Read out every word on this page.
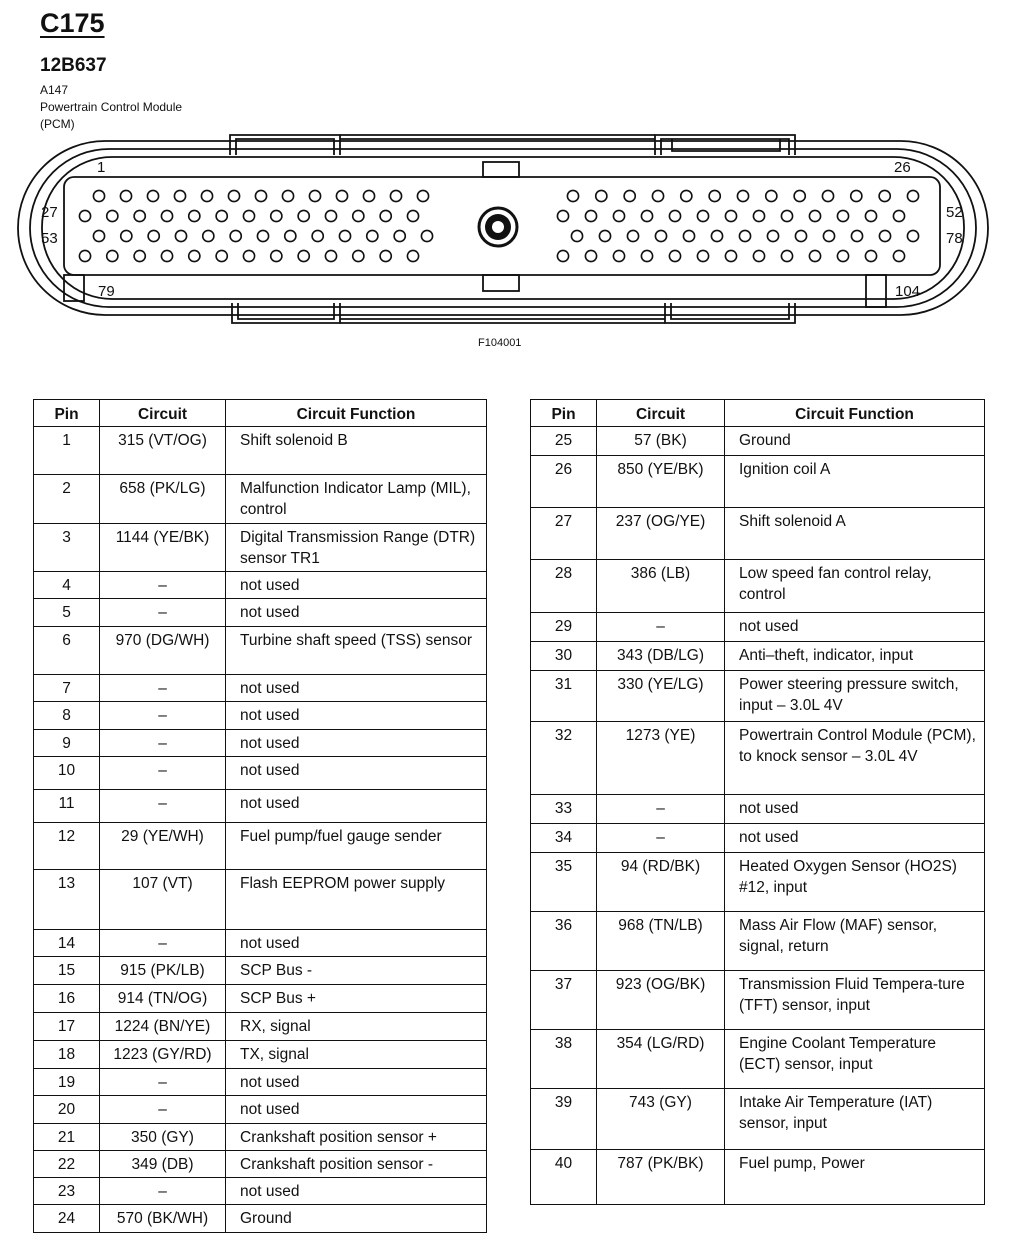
C175
12B637
A147
Powertrain Control Module
(PCM)
1	26
27	52
53	78
79	104
F104001
Pin	Circuit	Circuit Function
1	315 (VT/OG)	Shift solenoid B
2	658 (PK/LG)	Malfunction Indicator Lamp (MIL), control
3	1144 (YE/BK)	Digital Transmission Range (DTR) sensor TR1
4	–	not used
5	–	not used
6	970 (DG/WH)	Turbine shaft speed (TSS) sensor
7	–	not used
8	–	not used
9	–	not used
10	–	not used
11	–	not used
12	29 (YE/WH)	Fuel pump/fuel gauge sender
13	107 (VT)	Flash EEPROM power supply
14	–	not used
15	915 (PK/LB)	SCP Bus -
16	914 (TN/OG)	SCP Bus +
17	1224 (BN/YE)	RX, signal
18	1223 (GY/RD)	TX, signal
19	–	not used
20	–	not used
21	350 (GY)	Crankshaft position sensor +
22	349 (DB)	Crankshaft position sensor -
23	–	not used
24	570 (BK/WH)	Ground
Pin	Circuit	Circuit Function
25	57 (BK)	Ground
26	850 (YE/BK)	Ignition coil A
27	237 (OG/YE)	Shift solenoid A
28	386 (LB)	Low speed fan control relay, control
29	–	not used
30	343 (DB/LG)	Anti–theft, indicator, input
31	330 (YE/LG)	Power steering pressure switch, input – 3.0L 4V
32	1273 (YE)	Powertrain Control Module (PCM), to knock sensor – 3.0L 4V
33	–	not used
34	–	not used
35	94 (RD/BK)	Heated Oxygen Sensor (HO2S) #12, input
36	968 (TN/LB)	Mass Air Flow (MAF) sensor, signal, return
37	923 (OG/BK)	Transmission Fluid Tempera-ture (TFT) sensor, input
38	354 (LG/RD)	Engine Coolant Temperature (ECT) sensor, input
39	743 (GY)	Intake Air Temperature (IAT) sensor, input
40	787 (PK/BK)	Fuel pump, Power
